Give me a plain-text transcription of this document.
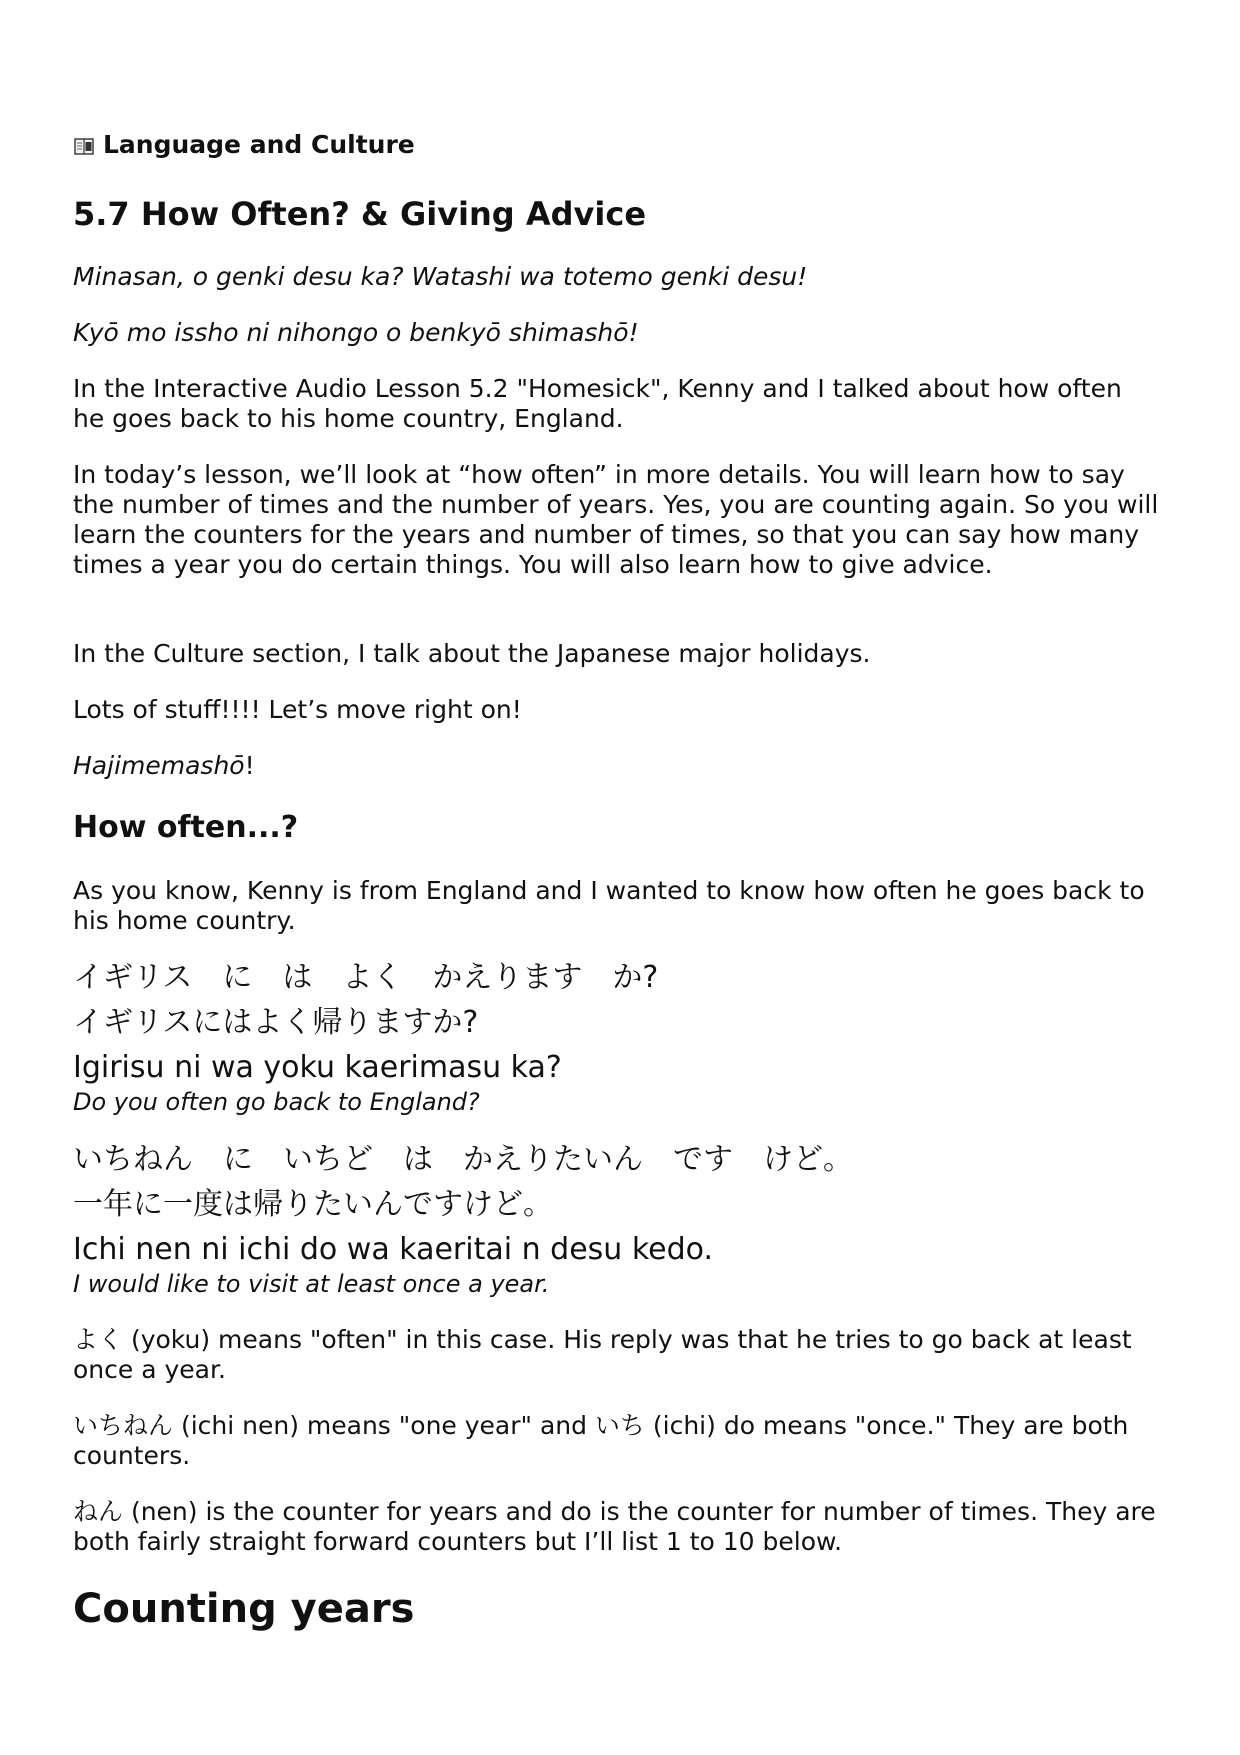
Language and Culture
5.7 How Often? & Giving Advice

Minasan, o genki desu ka? Watashi wa totemo genki desu!

Kyō mo issho ni nihongo o benkyō shimashō!

In the Interactive Audio Lesson 5.2 "Homesick", Kenny and I talked about how often he goes back to his home country, England.

In today’s lesson, we’ll look at “how often” in more details. You will learn how to say the number of times and the number of years. Yes, you are counting again. So you will learn the counters for the years and number of times, so that you can say how many times a year you do certain things. You will also learn how to give advice.

In the Culture section, I talk about the Japanese major holidays.

Lots of stuff!!!! Let’s move right on!

Hajimemashō!

How often...?

As you know, Kenny is from England and I wanted to know how often he goes back to his home country.

イギリス　に　は　よく　かえります　か?
イギリスにはよく帰りますか?
Igirisu ni wa yoku kaerimasu ka?
Do you often go back to England?
いちねん　に　いちど　は　かえりたいん　です　けど。
一年に一度は帰りたいんですけど。
Ichi nen ni ichi do wa kaeritai n desu kedo.
I would like to visit at least once a year.

よく (yoku) means "often" in this case. His reply was that he tries to go back at least once a year.

いちねん (ichi nen) means "one year" and いち (ichi) do means "once." They are both counters.

ねん (nen) is the counter for years and do is the counter for number of times. They are both fairly straight forward counters but I’ll list 1 to 10 below.

Counting years
